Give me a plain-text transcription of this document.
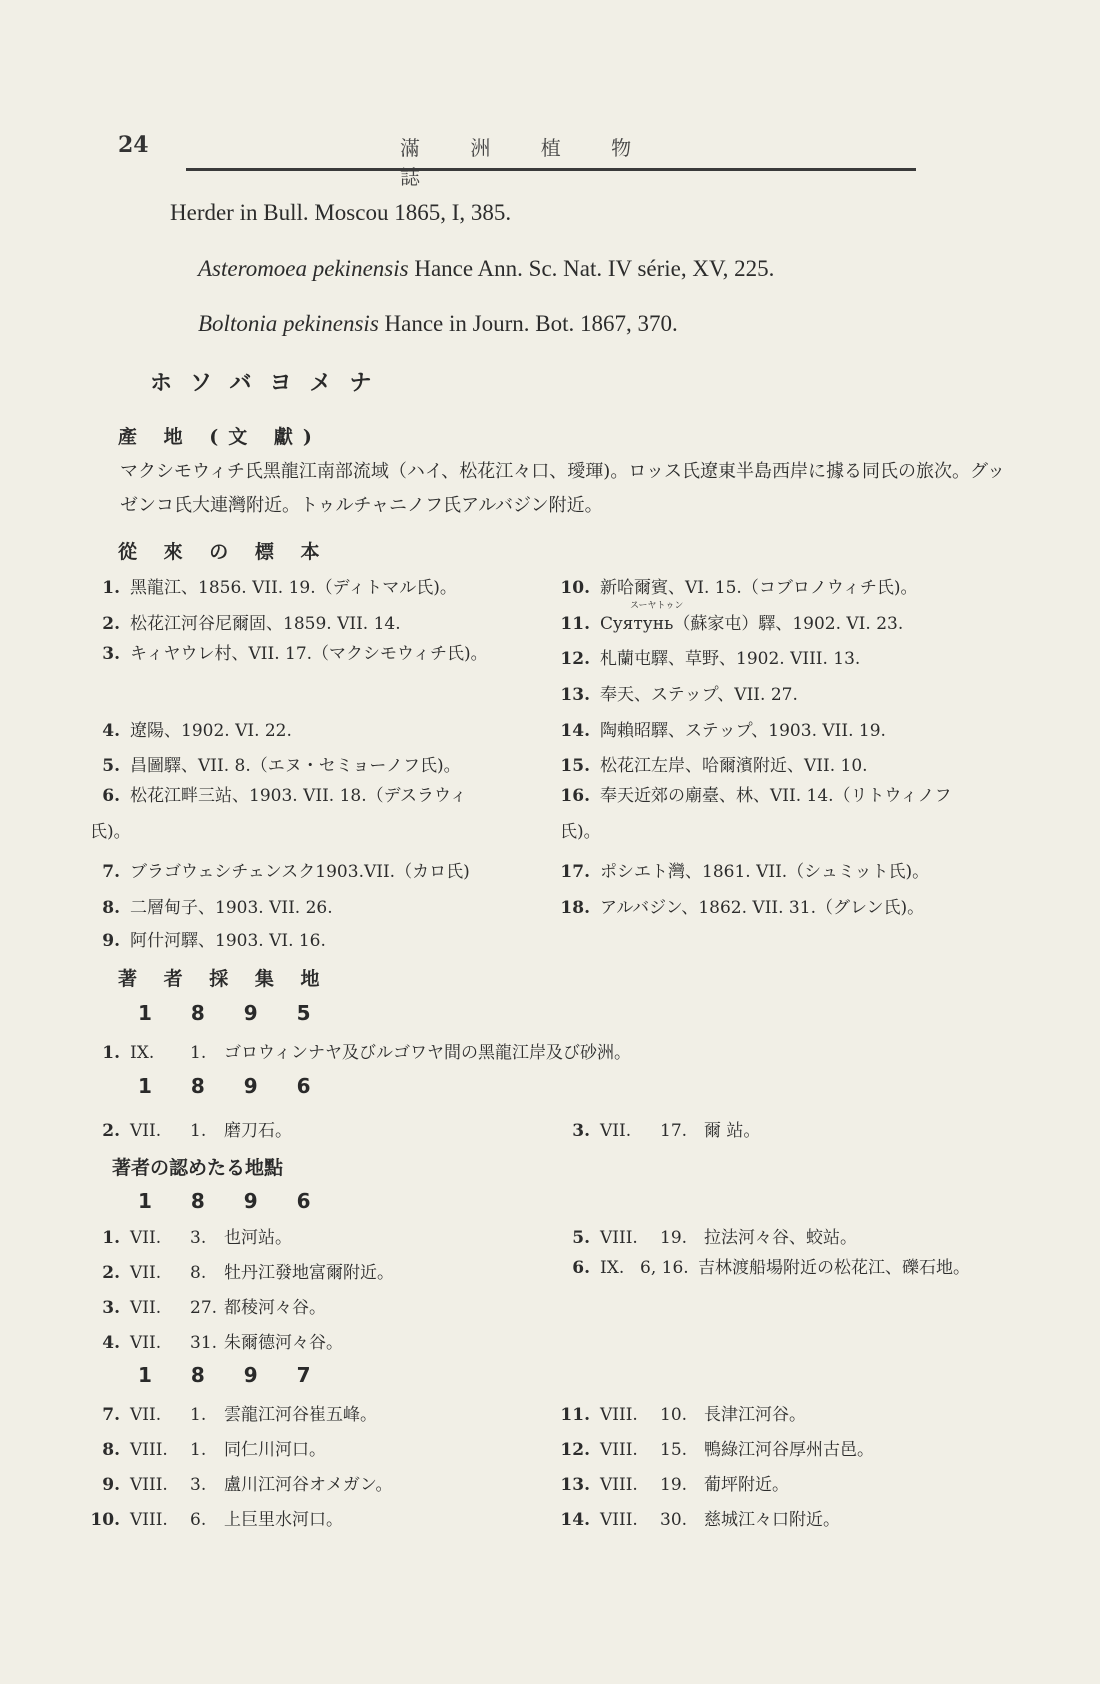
24	滿 洲 植 物 誌
Herder in Bull. Moscou 1865, I, 385.
Asteromoea pekinensis Hance Ann. Sc. Nat. IV série, XV, 225.
Boltonia pekinensis Hance in Journ. Bot. 1867, 370.
ホソバヨメナ
產 地 (文 獻)
マクシモウィチ氏黑龍江南部流域（ハイ、松花江々口、璦琿)。ロッス氏遼東半島西岸に據る同氏の旅次。グッゼンコ氏大連灣附近。トゥルチャニノフ氏アルバジン附近。
從 來 の 標 本
1. 黑龍江、1856. VII. 19.（ディトマル氏)。
2. 松花江河谷尼爾固、1859. VII. 14.
3. キィヤウレ村、VII. 17.（マクシモウィチ氏)。
4. 遼陽、1902. VI. 22.
5. 昌圖驛、VII. 8.（エヌ・セミョーノフ氏)。
6. 松花江畔三站、1903. VII. 18.（デスラウィ氏)。
7. ブラゴウェシチェンスク1903.VII.（カロ氏)
8. 二層甸子、1903. VII. 26.
9. 阿什河驛、1903. VI. 16.
10. 新哈爾賓、VI. 15.（コブロノウィチ氏)。
スーヤトゥン
11. Сyятунь（蘇家屯）驛、1902. VI. 23.
12. 札蘭屯驛、草野、1902. VIII. 13.
13. 奉天、ステップ、VII. 27.
14. 陶賴昭驛、ステップ、1903. VII. 19.
15. 松花江左岸、哈爾濱附近、VII. 10.
16. 奉天近郊の廟臺、林、VII. 14.（リトウィノフ氏)。
17. ポシエト灣、1861. VII.（シュミット氏)。
18. アルバジン、1862. VII. 31.（グレン氏)。
著 者 採 集 地
1 8 9 5
1. IX. 1. ゴロウィンナヤ及びルゴワヤ間の黑龍江岸及び砂洲。
1 8 9 6
2. VII. 1. 磨刀石。	3. VII. 17. 爾 站。
著者の認めたる地點
1 8 9 6
1. VII. 3. 也河站。
2. VII. 8. 牡丹江發地富爾附近。
3. VII. 27. 都稜河々谷。
4. VII. 31. 朱爾德河々谷。
5. VIII. 19. 拉法河々谷、蛟站。
6. IX. 6, 16. 吉林渡船場附近の松花江、礫石地。
1 8 9 7
7. VII. 1. 雲龍江河谷崔五峰。
8. VIII. 1. 同仁川河口。
9. VIII. 3. 盧川江河谷オメガン。
10. VIII. 6. 上巨里水河口。
11. VIII. 10. 長津江河谷。
12. VIII. 15. 鴨綠江河谷厚州古邑。
13. VIII. 19. 葡坪附近。
14. VIII. 30. 慈城江々口附近。
